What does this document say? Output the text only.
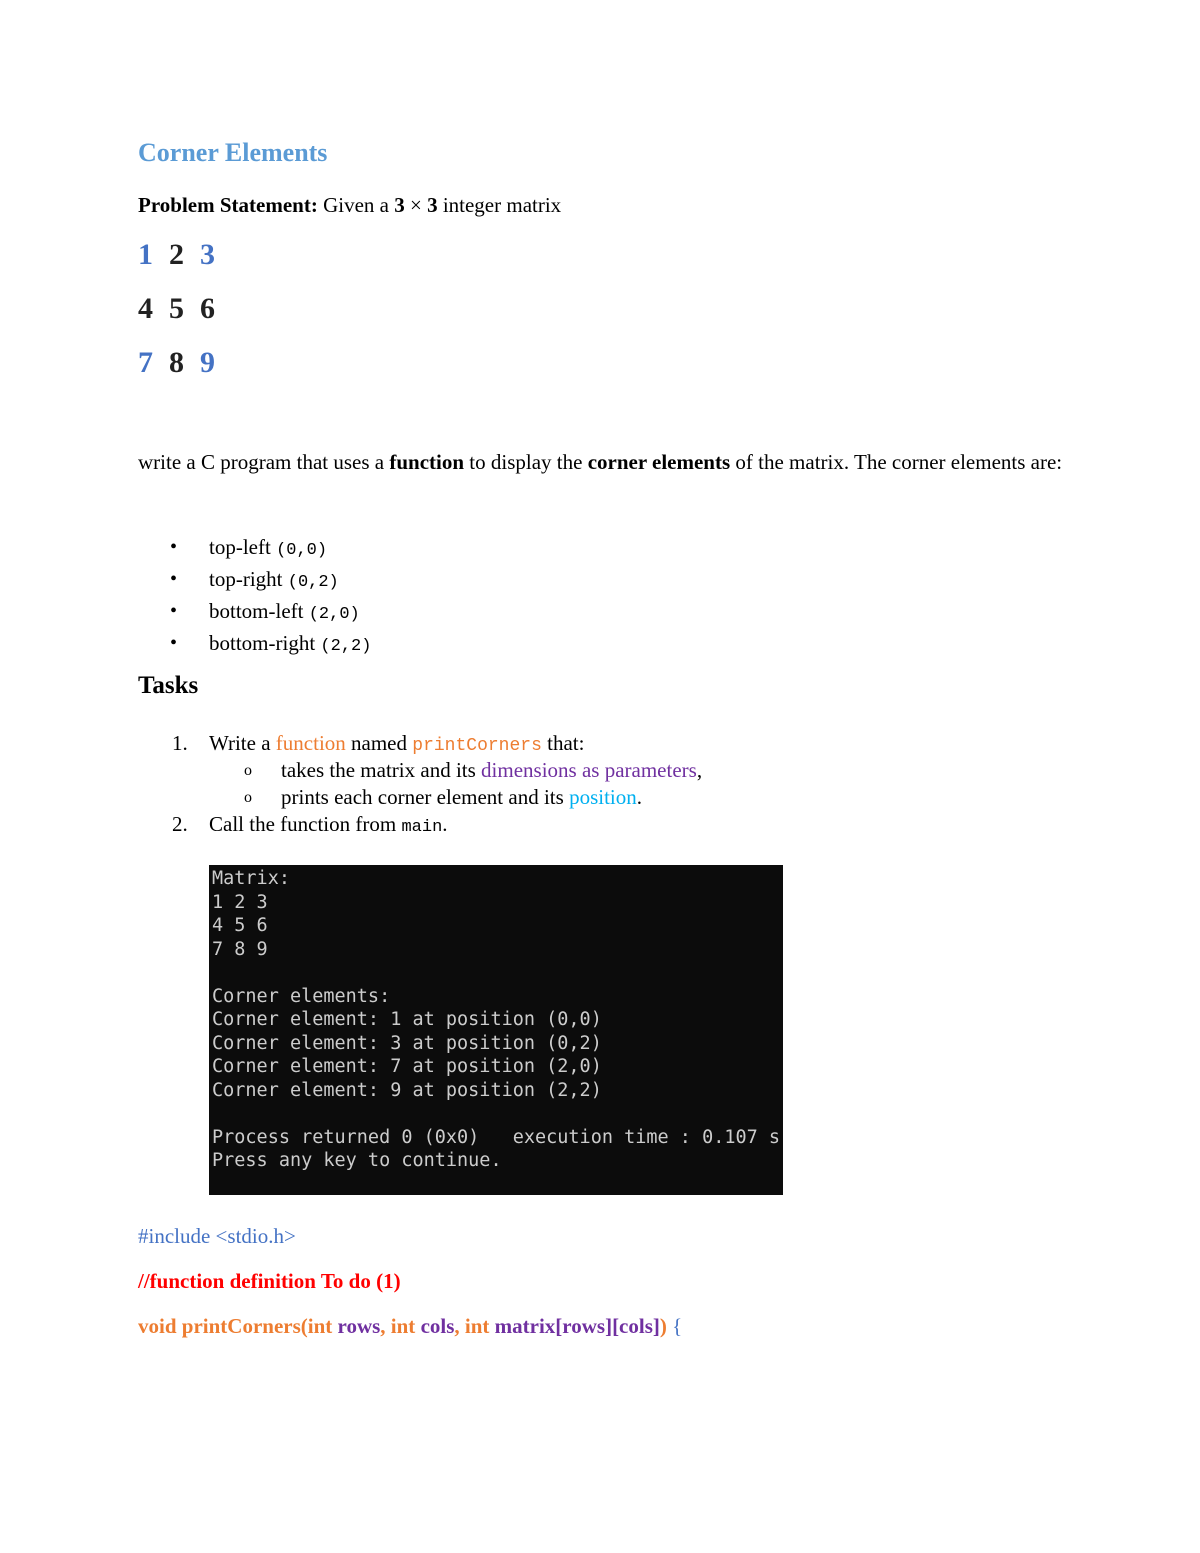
Corner Elements
Problem Statement: Given a 3 × 3 integer matrix
1 2 3
4 5 6
7 8 9
write a C program that uses a function to display the corner elements of the matrix. The corner elements are:
• top-left (0,0)
• top-right (0,2)
• bottom-left (2,0)
• bottom-right (2,2)
Tasks
1. Write a function named printCorners that:
o takes the matrix and its dimensions as parameters,
o prints each corner element and its position.
2. Call the function from main.
Matrix:
1 2 3
4 5 6
7 8 9
Corner elements:
Corner element: 1 at position (0,0)
Corner element: 3 at position (0,2)
Corner element: 7 at position (2,0)
Corner element: 9 at position (2,2)
Process returned 0 (0x0)   execution time : 0.107 s
Press any key to continue.
#include <stdio.h>
//function definition To do (1)
void printCorners(int rows, int cols, int matrix[rows][cols]) {
